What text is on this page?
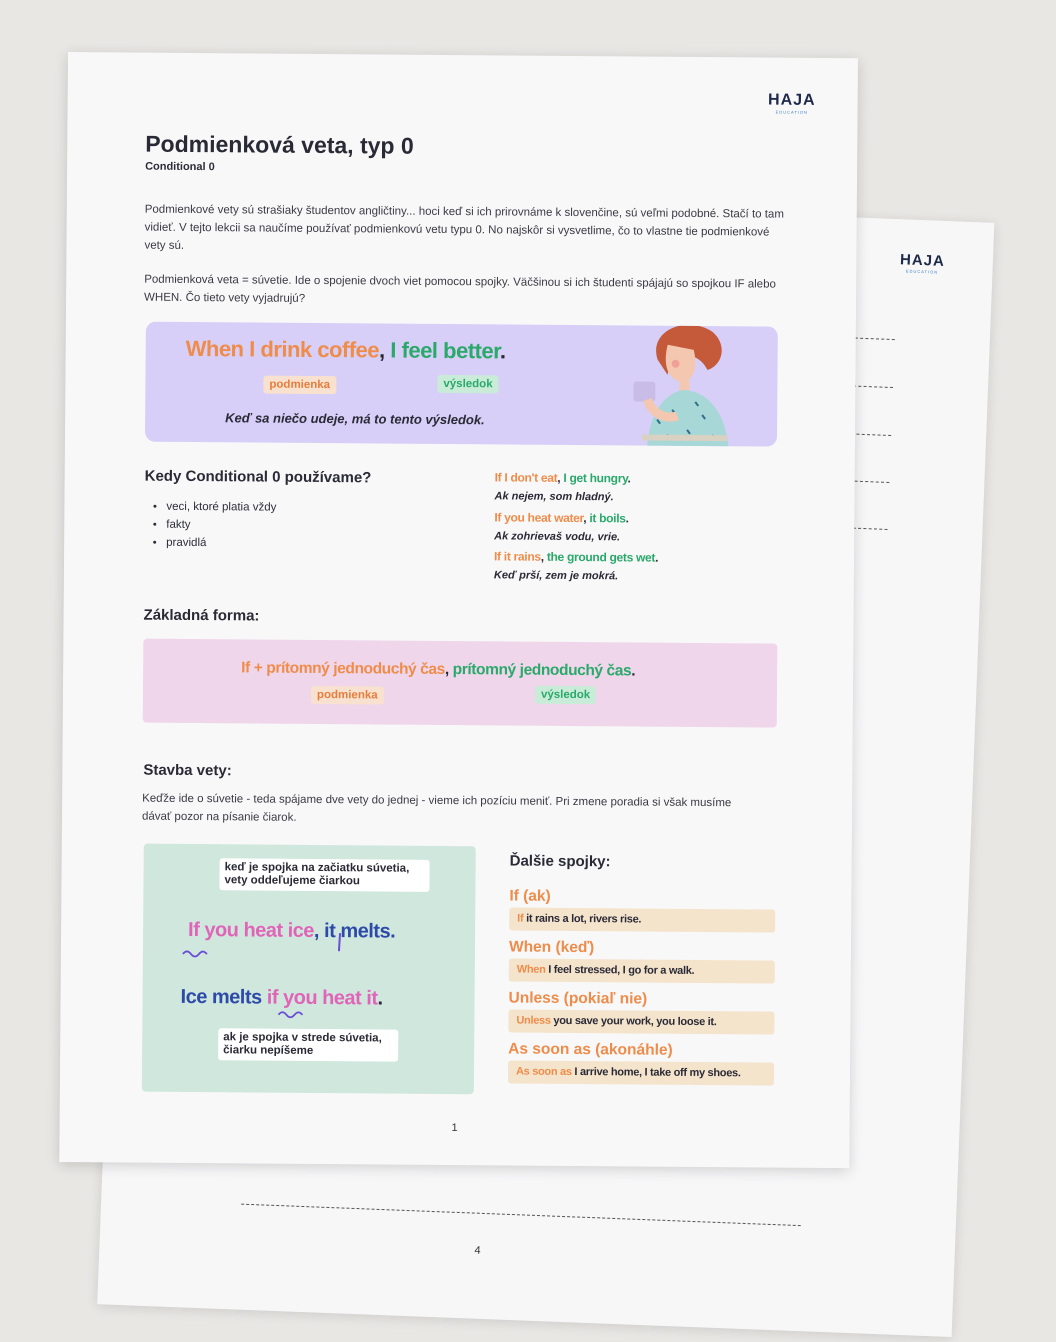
HAJA
EDUCATION
4
HAJA
EDUCATION
Podmienková veta, typ 0
Conditional 0
Podmienkové vety sú strašiaky študentov angličtiny... hoci keď si ich prirovnáme k slovenčine, sú veľmi podobné. Stačí to tam vidieť. V tejto lekcii sa naučíme používať podmienkovú vetu typu 0. No najskôr si vysvetlime, čo to vlastne tie podmienkové vety sú.
Podmienková veta = súvetie. Ide o spojenie dvoch viet pomocou spojky. Väčšinou si ich študenti spájajú so spojkou IF alebo WHEN. Čo tieto vety vyjadrujú?
When I drink coffee, I feel better.
podmienka	výsledok
Keď sa niečo udeje, má to tento výsledok.
Kedy Conditional 0 používame?
• veci, ktoré platia vždy
• fakty
• pravidlá
If I don't eat, I get hungry.
Ak nejem, som hladný.
If you heat water, it boils.
Ak zohrievaš vodu, vrie.
If it rains, the ground gets wet.
Keď prší, zem je mokrá.
Základná forma:
If + prítomný jednoduchý čas, prítomný jednoduchý čas.
podmienka	výsledok
Stavba vety:
Keďže ide o súvetie - teda spájame dve vety do jednej - vieme ich pozíciu meniť. Pri zmene poradia si však musíme dávať pozor na písanie čiarok.
keď je spojka na začiatku súvetia, vety oddeľujeme čiarkou
If you heat ice, it melts.
Ice melts if you heat it.
ak je spojka v strede súvetia, čiarku nepíšeme
Ďalšie spojky:
If (ak)
If it rains a lot, rivers rise.
When (keď)
When I feel stressed, I go for a walk.
Unless (pokiaľ nie)
Unless you save your work, you loose it.
As soon as (akonáhle)
As soon as I arrive home, I take off my shoes.
1
